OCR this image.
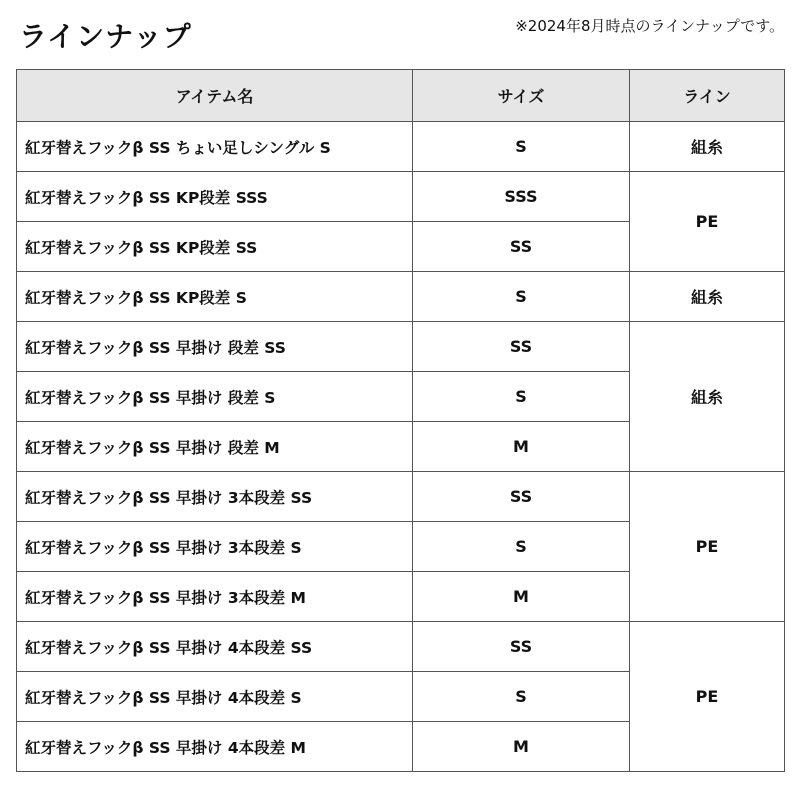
ラインナップ	※2024年8月時点のラインナップです。
アイテム名	サイズ	ライン
紅牙替えフックβ SS ちょい足しシングル S	S	組糸
紅牙替えフックβ SS KP段差 SSS	SSS	PE
紅牙替えフックβ SS KP段差 SS	SS	
紅牙替えフックβ SS KP段差 S	S	組糸
紅牙替えフックβ SS 早掛け 段差 SS	SS	組糸
紅牙替えフックβ SS 早掛け 段差 S	S	
紅牙替えフックβ SS 早掛け 段差 M	M	
紅牙替えフックβ SS 早掛け 3本段差 SS	SS	PE
紅牙替えフックβ SS 早掛け 3本段差 S	S	
紅牙替えフックβ SS 早掛け 3本段差 M	M	
紅牙替えフックβ SS 早掛け 4本段差 SS	SS	PE
紅牙替えフックβ SS 早掛け 4本段差 S	S	
紅牙替えフックβ SS 早掛け 4本段差 M	M	
